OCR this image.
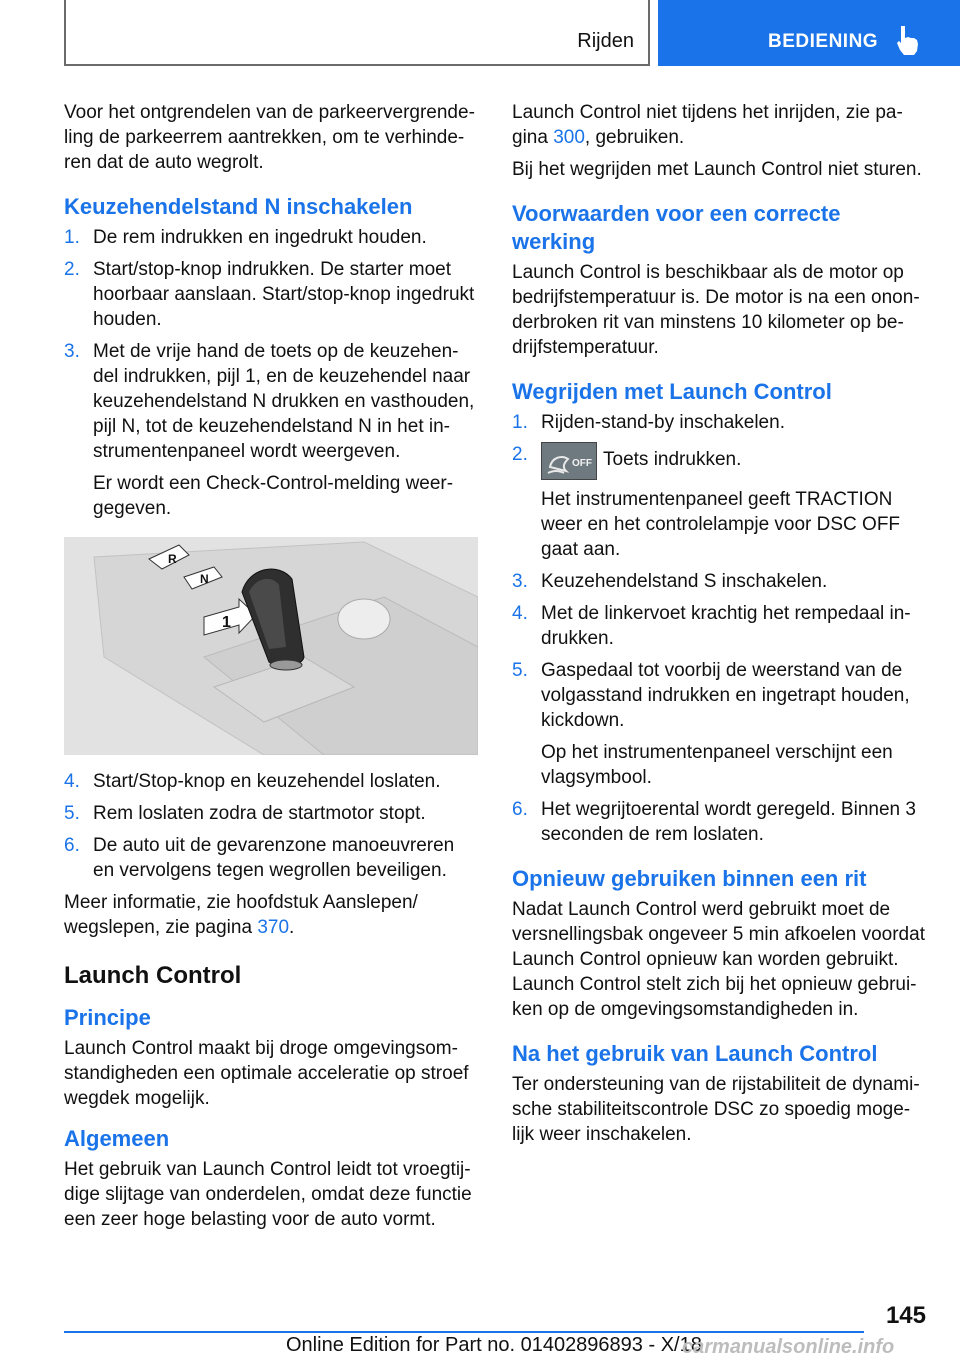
Rijden	BEDIENING

Voor het ontgrendelen van de parkeervergrende-ling de parkeerrem aantrekken, om te verhinde-ren dat de auto wegrolt.

Keuzehendelstand N inschakelen
1. De rem indrukken en ingedrukt houden.
2. Start/stop-knop indrukken. De starter moet hoorbaar aanslaan. Start/stop-knop ingedrukt houden.
3. Met de vrije hand de toets op de keuzehen-del indrukken, pijl 1, en de keuzehendel naar keuzehendelstand N drukken en vasthouden, pijl N, tot de keuzehendelstand N in het in-strumentenpaneel wordt weergeven.
Er wordt een Check-Control-melding weer-gegeven.
R
N
1
4. Start/Stop-knop en keuzehendel loslaten.
5. Rem loslaten zodra de startmotor stopt.
6. De auto uit de gevarenzone manoeuvreren en vervolgens tegen wegrollen beveiligen.

Meer informatie, zie hoofdstuk Aanslepen/ wegslepen, zie pagina 370.

Launch Control
Principe

Launch Control maakt bij droge omgevingsom-standigheden een optimale acceleratie op stroef wegdek mogelijk.

Algemeen

Het gebruik van Launch Control leidt tot vroegtij-dige slijtage van onderdelen, omdat deze functie een zeer hoge belasting voor de auto vormt.

Launch Control niet tijdens het inrijden, zie pa-gina 300, gebruiken.

Bij het wegrijden met Launch Control niet sturen.

Voorwaarden voor een correcte werking

Launch Control is beschikbaar als de motor op bedrijfstemperatuur is. De motor is na een onon-derbroken rit van minstens 10 kilometer op be-drijfstemperatuur.

Wegrijden met Launch Control
1. Rijden-stand-by inschakelen.
2.	OFF Toets indrukken.
Het instrumentenpaneel geeft TRACTION weer en het controlelampje voor DSC OFF gaat aan.
3. Keuzehendelstand S inschakelen.
4. Met de linkervoet krachtig het rempedaal in-drukken.
5. Gaspedaal tot voorbij de weerstand van de volgasstand indrukken en ingetrapt houden, kickdown.
Op het instrumentenpaneel verschijnt een vlagsymbool.
6. Het wegrijtoerental wordt geregeld. Binnen 3 seconden de rem loslaten.
Opnieuw gebruiken binnen een rit

Nadat Launch Control werd gebruikt moet de versnellingsbak ongeveer 5 min afkoelen voordat Launch Control opnieuw kan worden gebruikt. Launch Control stelt zich bij het opnieuw gebrui-ken op de omgevingsomstandigheden in.

Na het gebruik van Launch Control

Ter ondersteuning van de rijstabiliteit de dynami-sche stabiliteitscontrole DSC zo spoedig moge-lijk weer inschakelen.

145
Online Edition for Part no. 01402896893 - X/18
carmanualsonline.info
